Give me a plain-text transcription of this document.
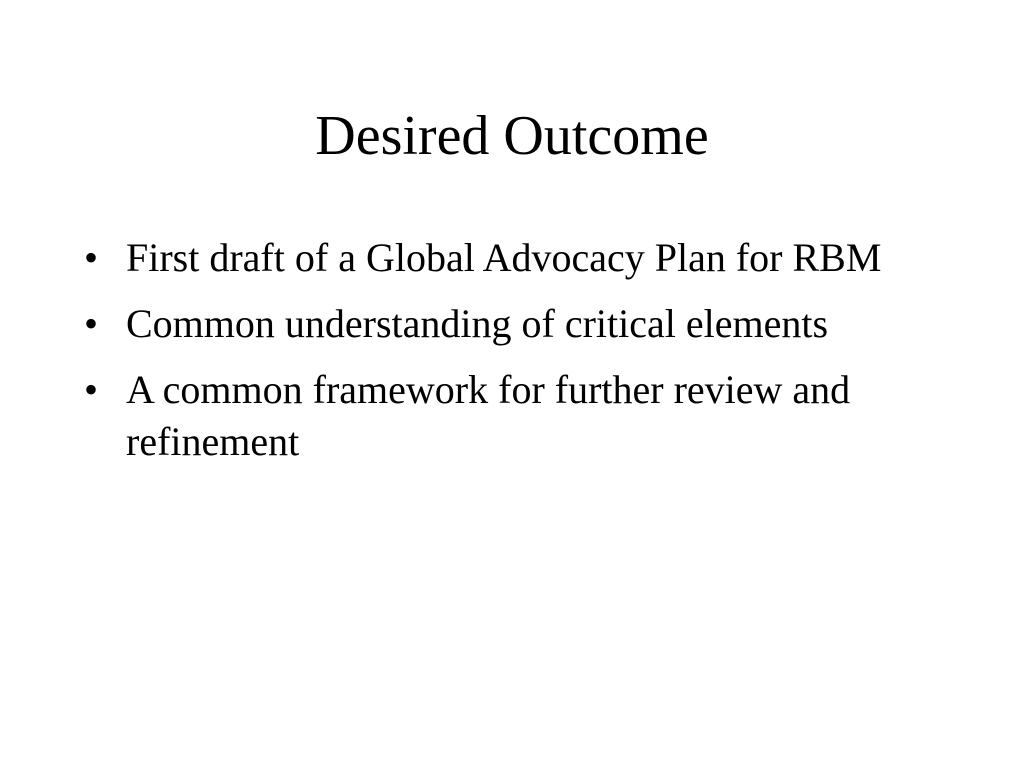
Desired Outcome
• First draft of a Global Advocacy Plan for RBM
• Common understanding of critical elements
• A common framework for further review and refinement
